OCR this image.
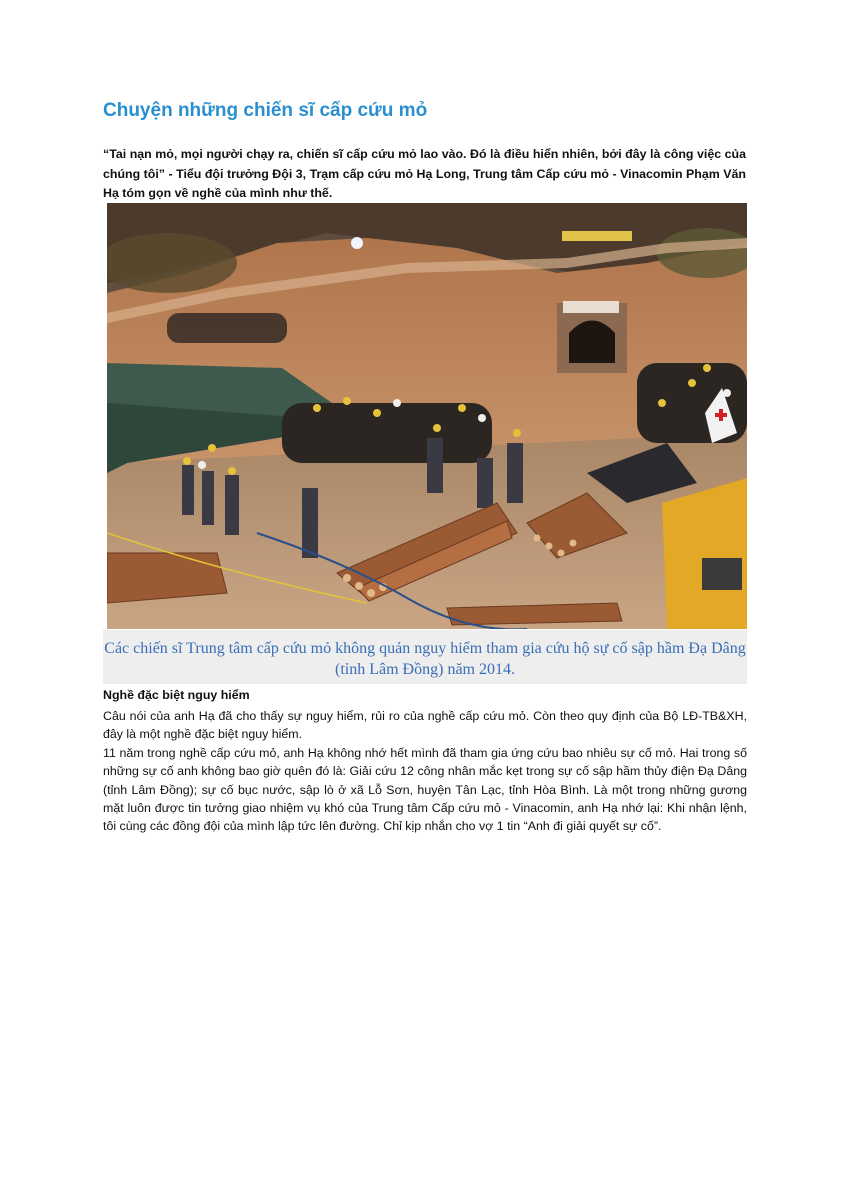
Chuyện những chiến sĩ cấp cứu mỏ

“Tai nạn mỏ, mọi người chạy ra, chiến sĩ cấp cứu mỏ lao vào. Đó là điều hiển nhiên, bởi đây là công việc của chúng tôi” - Tiểu đội trưởng Đội 3, Trạm cấp cứu mỏ Hạ Long, Trung tâm Cấp cứu mỏ - Vinacomin Phạm Văn Hạ tóm gọn về nghề của mình như thế.

Các chiến sĩ Trung tâm cấp cứu mỏ không quản nguy hiểm tham gia cứu hộ sự cố sập hầm Đạ Dâng (tỉnh Lâm Đồng) năm 2014.

Nghề đặc biệt nguy hiểm

Câu nói của anh Hạ đã cho thấy sự nguy hiểm, rủi ro của nghề cấp cứu mỏ. Còn theo quy định của Bộ LĐ-TB&XH, đây là một nghề đặc biệt nguy hiểm.

11 năm trong nghề cấp cứu mỏ, anh Hạ không nhớ hết mình đã tham gia ứng cứu bao nhiêu sự cố mỏ. Hai trong số những sự cố anh không bao giờ quên đó là: Giải cứu 12 công nhân mắc kẹt trong sự cố sập hầm thủy điện Đạ Dâng (tỉnh Lâm Đồng); sự cố bục nước, sập lò ở xã Lỗ Sơn, huyện Tân Lạc, tỉnh Hòa Bình. Là một trong những gương mặt luôn được tin tưởng giao nhiệm vụ khó của Trung tâm Cấp cứu mỏ - Vinacomin, anh Hạ nhớ lại: Khi nhận lệnh, tôi cùng các đồng đội của mình lập tức lên đường. Chỉ kịp nhắn cho vợ 1 tin “Anh đi giải quyết sự cố”.
